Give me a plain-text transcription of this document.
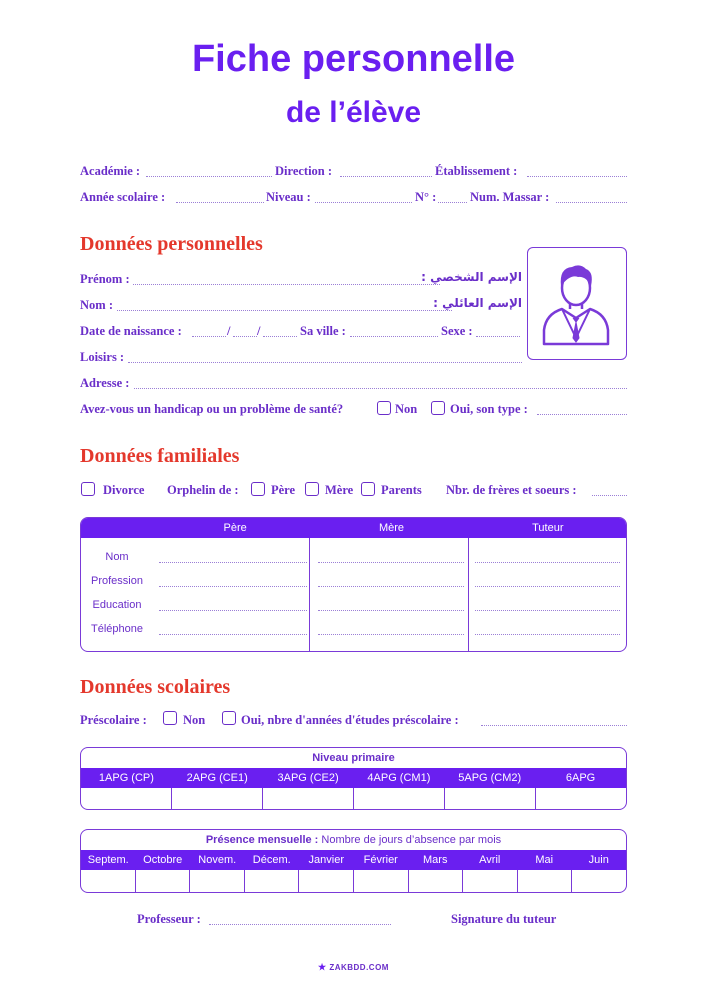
Fiche personnelle
de l’élève
Académie :	Direction :	Établissement :
Année scolaire :	Niveau :	N° :	Num. Massar :
Données personnelles
Prénom :	الإسم الشخصي :
Nom :	الإسم العائلي :
Date de naissance :	/ /	Sa ville :	Sexe :
Loisirs :
Adresse :
Avez-vous un handicap ou un problème de santé?	Non	Oui, son type :
Données familiales
Divorce Orphelin de :	Père Mère Parents Nbr. de frères et soeurs :
Père	Mère	Tuteur
Nom
Profession
Education
Téléphone
Données scolaires
Préscolaire :	Non	Oui, nbre d'années d'études préscolaire :
Niveau primaire
1APG (CP)	2APG (CE1)	3APG (CE2)	4APG (CM1)	5APG (CM2)	6APG
Présence mensuelle : Nombre de jours d’absence par mois
Septem.	Octobre	Novem.	Décem.	Janvier	Février	Mars	Avril	Mai	Juin
Professeur :	Signature du tuteur
★ ZAKBDD.COM
